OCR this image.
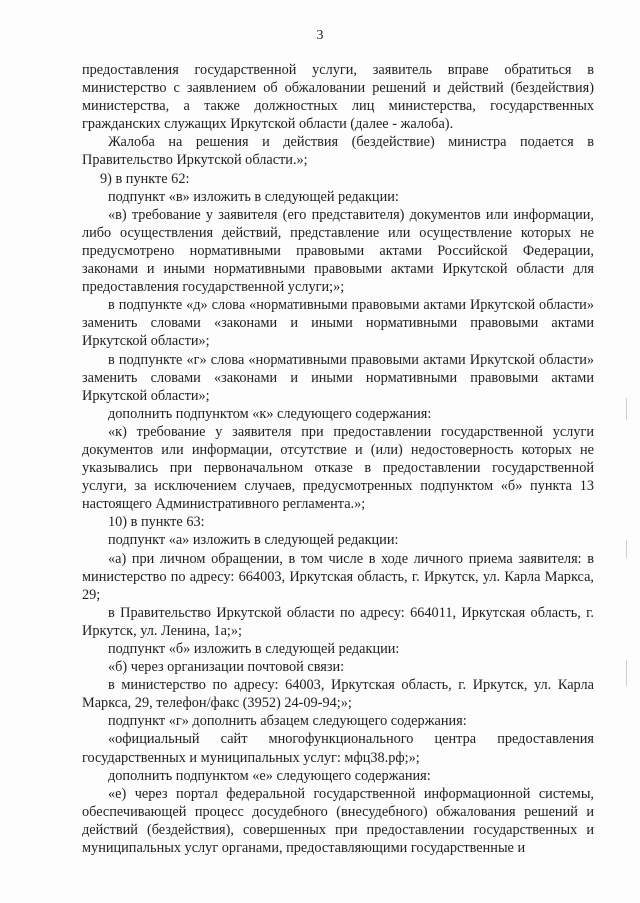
3

предоставления государственной услуги, заявитель вправе обратиться в министерство с заявлением об обжаловании решений и действий (бездействия) министерства, а также должностных лиц министерства, государственных гражданских служащих Иркутской области (далее - жалоба).

Жалоба на решения и действия (бездействие) министра подается в Правительство Иркутской области.»;

9) в пункте 62:

подпункт «в» изложить в следующей редакции:

«в) требование у заявителя (его представителя) документов или информации, либо осуществления действий, представление или осуществление которых не предусмотрено нормативными правовыми актами Российской Федерации, законами и иными нормативными правовыми актами Иркутской области для предоставления государственной услуги;»;

в подпункте «д» слова «нормативными правовыми актами Иркутской области» заменить словами «законами и иными нормативными правовыми актами Иркутской области»;

в подпункте «г» слова «нормативными правовыми актами Иркутской области» заменить словами «законами и иными нормативными правовыми актами Иркутской области»;

дополнить подпунктом «к» следующего содержания:

«к) требование у заявителя при предоставлении государственной услуги документов или информации, отсутствие и (или) недостоверность которых не указывались при первоначальном отказе в предоставлении государственной услуги, за исключением случаев, предусмотренных подпунктом «б» пункта 13 настоящего Административного регламента.»;

10) в пункте 63:

подпункт «а» изложить в следующей редакции:

«а) при личном обращении, в том числе в ходе личного приема заявителя: в министерство по адресу: 664003, Иркутская область, г. Иркутск, ул. Карла Маркса, 29;

в Правительство Иркутской области по адресу: 664011, Иркутская область, г. Иркутск, ул. Ленина, 1а;»;

подпункт «б» изложить в следующей редакции:

«б) через организации почтовой связи:

в министерство по адресу: 64003, Иркутская область, г. Иркутск, ул. Карла Маркса, 29, телефон/факс (3952) 24-09-94;»;

подпункт «г» дополнить абзацем следующего содержания:

«официальный сайт многофункционального центра предоставления государственных и муниципальных услуг: мфц38.рф;»;

дополнить подпунктом «е» следующего содержания:

«е) через портал федеральной государственной информационной системы, обеспечивающей процесс досудебного (внесудебного) обжалования решений и действий (бездействия), совершенных при предоставлении государственных и муниципальных услуг органами, предоставляющими государственные и
